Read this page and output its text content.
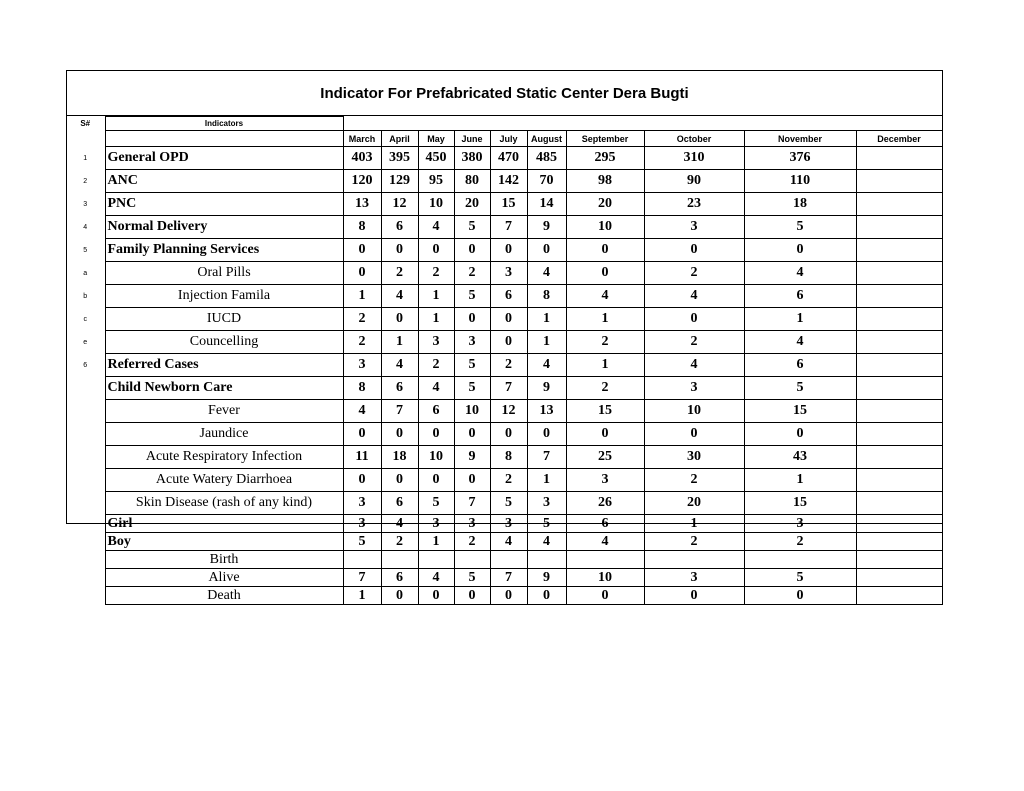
Indicator For Prefabricated Static Center Dera Bugti
S#	Indicators										
		March	April	May	June	July	August	September	October	November	December
1	General OPD	403	395	450	380	470	485	295	310	376	
2	ANC	120	129	95	80	142	70	98	90	110	
3	PNC	13	12	10	20	15	14	20	23	18	
4	Normal Delivery	8	6	4	5	7	9	10	3	5	
5	Family Planning Services	0	0	0	0	0	0	0	0	0	
a	Oral Pills	0	2	2	2	3	4	0	2	4	
b	Injection Famila	1	4	1	5	6	8	4	4	6	
c	IUCD	2	0	1	0	0	1	1	0	1	
e	Councelling	2	1	3	3	0	1	2	2	4	
6	Referred Cases	3	4	2	5	2	4	1	4	6	
	Child Newborn Care	8	6	4	5	7	9	2	3	5	
	Fever	4	7	6	10	12	13	15	10	15	
	Jaundice	0	0	0	0	0	0	0	0	0	
	Acute Respiratory Infection	11	18	10	9	8	7	25	30	43	
	Acute Watery Diarrhoea	0	0	0	0	2	1	3	2	1	
	Skin Disease (rash of any kind)	3	6	5	7	5	3	26	20	15	
	Girl	3	4	3	3	3	5	6	1	3	
	Boy	5	2	1	2	4	4	4	2	2	
	Birth										
	Alive	7	6	4	5	7	9	10	3	5	
	Death	1	0	0	0	0	0	0	0	0	
